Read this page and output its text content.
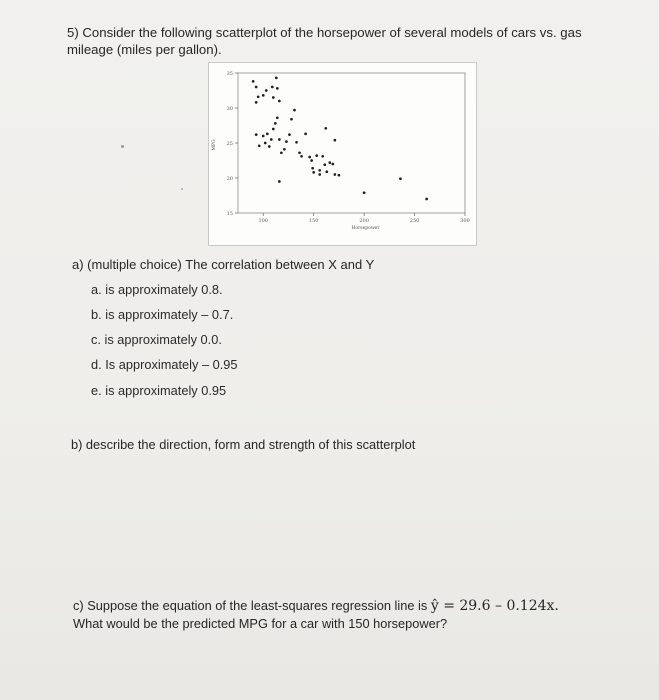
5) Consider the following scatterplot of the horsepower of several models of cars vs. gas
mileage (miles per gallon).
15
20
25
30
35
100	150	200	250	300
Horsepower
MPG
a) (multiple choice) The correlation between X and Y
a. is approximately 0.8.
b. is approximately – 0.7.
c. is approximately 0.0.
d. Is approximately – 0.95
e. is approximately 0.95
b) describe the direction, form and strength of this scatterplot
c) Suppose the equation of the least-squares regression line is ŷ = 29.6 – 0.124x.
What would be the predicted MPG for a car with 150 horsepower?
